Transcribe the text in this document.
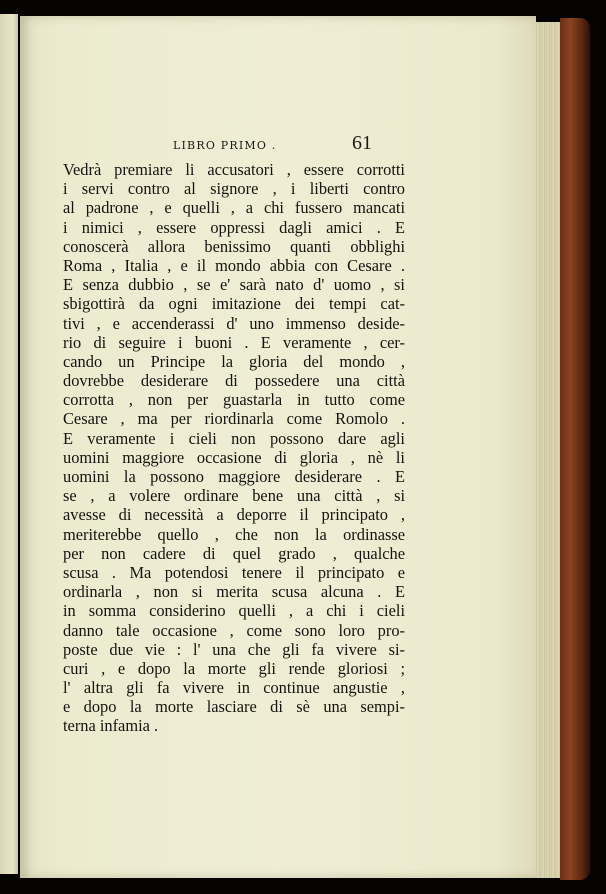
LIBRO PRIMO .	61
Vedrà premiare li accusatori , essere corrotti
i servi contro al signore , i liberti contro
al padrone , e quelli , a chi fussero mancati
i nimici , essere oppressi dagli amici . E
conoscerà allora benissimo quanti obblighi
Roma , Italia , e il mondo abbia con Cesare .
E senza dubbio , se e' sarà nato d' uomo , si
sbigottirà da ogni imitazione dei tempi cat-
tivi , e accenderassi d' uno immenso deside-
rio di seguire i buoni . E veramente , cer-
cando un Principe la gloria del mondo ,
dovrebbe desiderare di possedere una città
corrotta , non per guastarla in tutto come
Cesare , ma per riordinarla come Romolo .
E veramente i cieli non possono dare agli
uomini maggiore occasione di gloria , nè li
uomini la possono maggiore desiderare . E
se , a volere ordinare bene una città , si
avesse di necessità a deporre il principato ,
meriterebbe quello , che non la ordinasse
per non cadere di quel grado , qualche
scusa . Ma potendosi tenere il principato e
ordinarla , non si merita scusa alcuna . E
in somma considerino quelli , a chi i cieli
danno tale occasione , come sono loro pro-
poste due vie : l' una che gli fa vivere si-
curi , e dopo la morte gli rende gloriosi ;
l' altra gli fa vivere in continue angustie ,
e dopo la morte lasciare di sè una sempi-
terna infamia .
